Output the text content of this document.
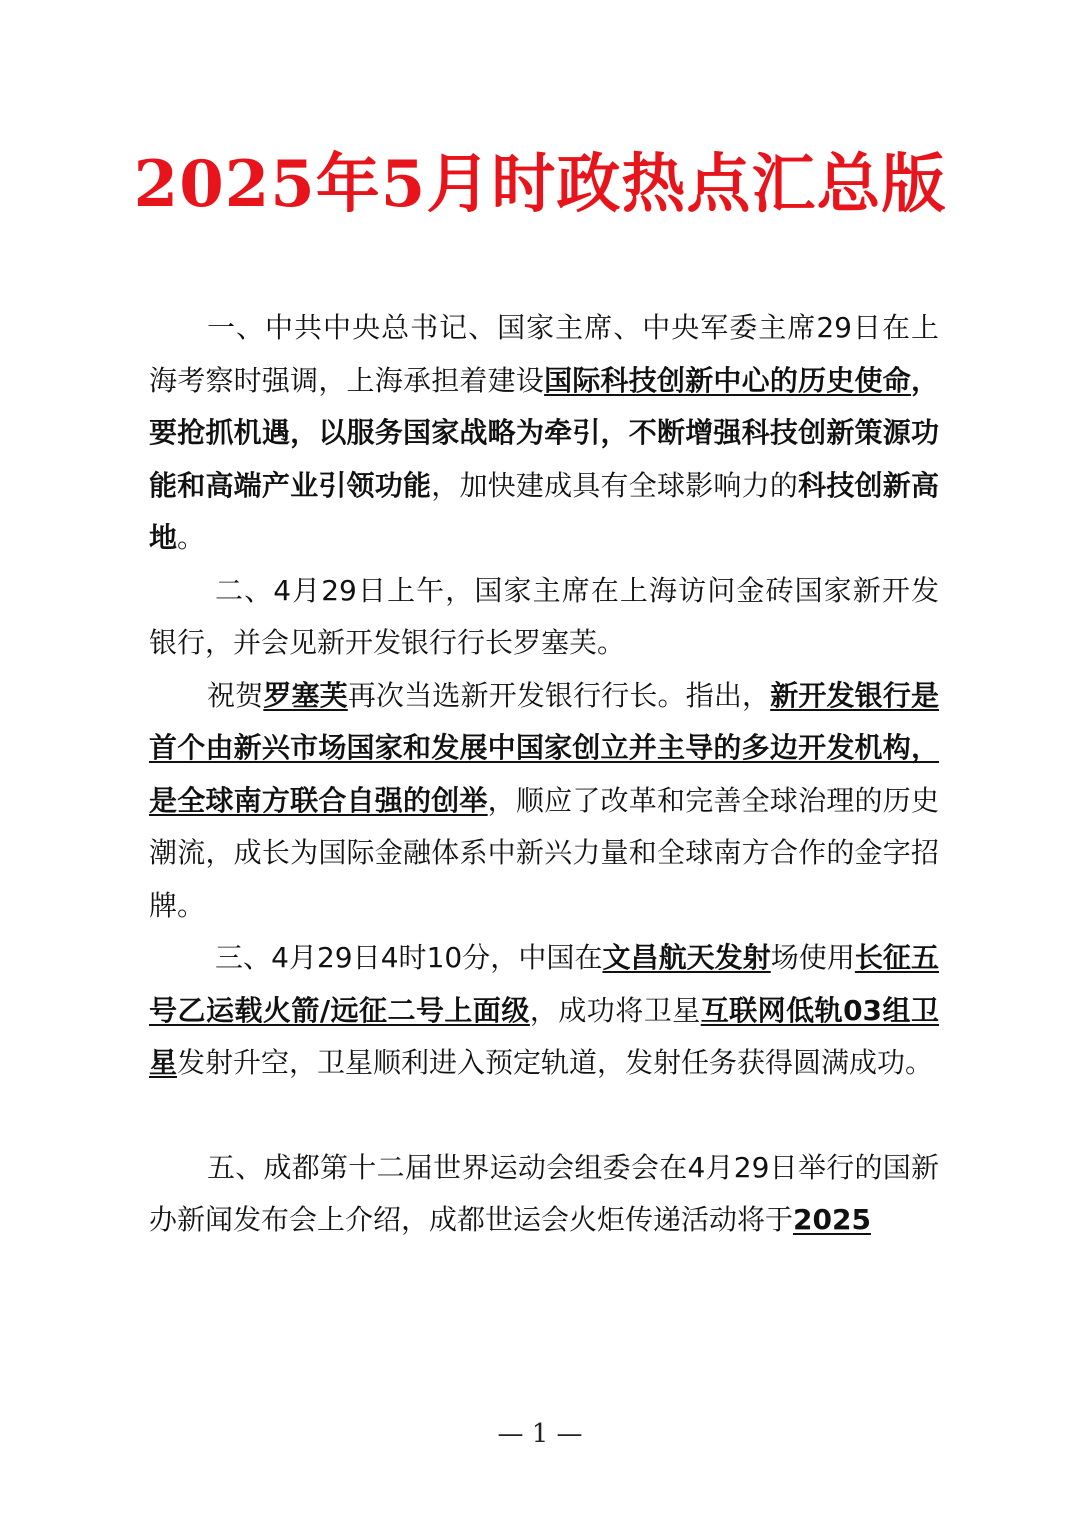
2025年5月时政热点汇总版

一、中共中央总书记、国家主席、中央军委主席29日在上海考察时强调，上海承担着建设国际科技创新中心的历史使命，要抢抓机遇，以服务国家战略为牵引，不断增强科技创新策源功能和高端产业引领功能，加快建成具有全球影响力的科技创新高地。

二、4月29日上午，国家主席在上海访问金砖国家新开发银行，并会见新开发银行行长罗塞芙。

祝贺罗塞芙再次当选新开发银行行长。指出，新开发银行是首个由新兴市场国家和发展中国家创立并主导的多边开发机构，是全球南方联合自强的创举，顺应了改革和完善全球治理的历史潮流，成长为国际金融体系中新兴力量和全球南方合作的金字招牌。

三、4月29日4时10分，中国在文昌航天发射场使用长征五号乙运载火箭/远征二号上面级，成功将卫星互联网低轨03组卫星发射升空，卫星顺利进入预定轨道，发射任务获得圆满成功。

五、成都第十二届世界运动会组委会在4月29日举行的国新办新闻发布会上介绍，成都世运会火炬传递活动将于2025

— 1 —
